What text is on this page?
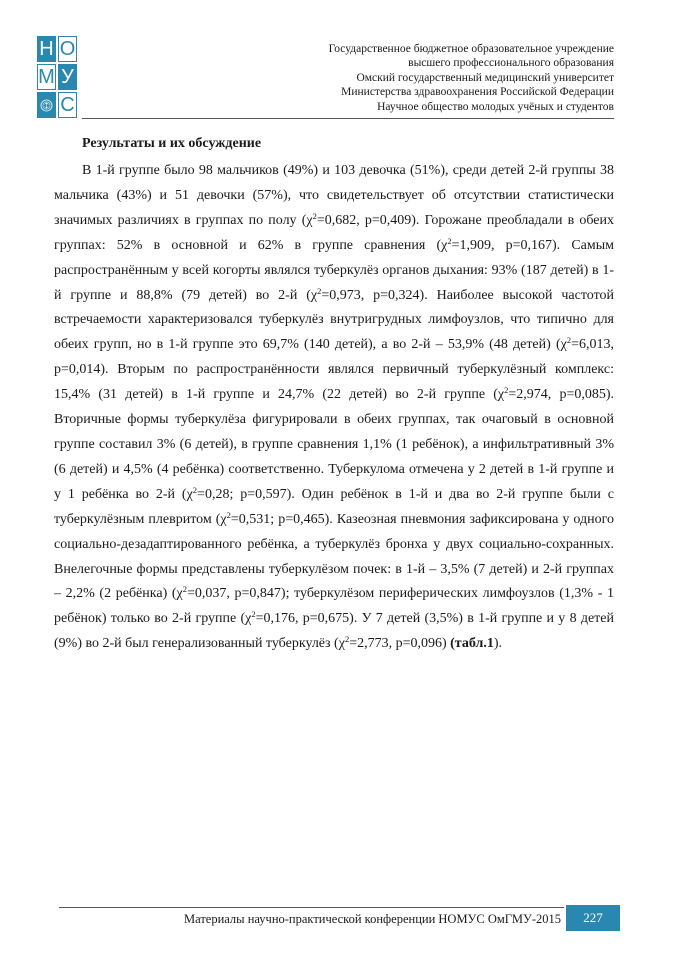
Н О
М У
С
Государственное бюджетное образовательное учреждение
высшего профессионального образования
Омский государственный медицинский университет
Министерства здравоохранения Российской Федерации
Научное общество молодых учёных и студентов
Результаты и их обсуждение
В 1-й группе было 98 мальчиков (49%) и 103 девочка (51%), среди детей 2-й группы 38 мальчика (43%) и 51 девочки (57%), что свидетельствует об отсутствии статистически значимых различиях в группах по полу ($\chi^2=0,682$, p=0,409). Горожане преобладали в обеих группах: 52% в основной и 62% в группе сравнения ($\chi^2=1,909$, p=0,167). Самым распространённым у всей когорты являлся туберкулёз органов дыхания: 93% (187 детей) в 1-й группе и 88,8% (79 детей) во 2-й ($\chi^2=0,973$, p=0,324). Наиболее высокой частотой встречаемости характеризовался туберкулёз внутригрудных лимфоузлов, что типично для обеих групп, но в 1-й группе это 69,7% (140 детей), а во 2-й – 53,9% (48 детей) ($\chi^2=6,013$, p=0,014). Вторым по распространённости являлся первичный туберкулёзный комплекс: 15,4% (31 детей) в 1-й группе и 24,7% (22 детей) во 2-й группе ($\chi^2=2,974$, p=0,085). Вторичные формы туберкулёза фигурировали в обеих группах, так очаговый в основной группе составил 3% (6 детей), в группе сравнения 1,1% (1 ребёнок), а инфильтративный 3% (6 детей) и 4,5% (4 ребёнка) соответственно. Туберкулома отмечена у 2 детей в 1-й группе и у 1 ребёнка во 2-й ($\chi^2=0,28$; p=0,597). Один ребёнок в 1-й и два во 2-й группе были с туберкулёзным плевритом ($\chi^2=0,531$; p=0,465). Казеозная пневмония зафиксирована у одного социально-дезадаптированного ребёнка, а туберкулёз бронха у двух социально-сохранных. Внелегочные формы представлены туберкулёзом почек: в 1-й – 3,5% (7 детей) и 2-й группах – 2,2% (2 ребёнка) ($\chi^2=0,037$, p=0,847); туберкулёзом периферических лимфоузлов (1,3% - 1 ребёнок) только во 2-й группе ($\chi^2=0,176$, p=0,675). У 7 детей (3,5%) в 1-й группе и у 8 детей (9%) во 2-й был генерализованный туберкулёз ($\chi^2=2,773$, p=0,096) (табл.1).
Материалы научно-практической конференции НОМУС ОмГМУ-2015	227
